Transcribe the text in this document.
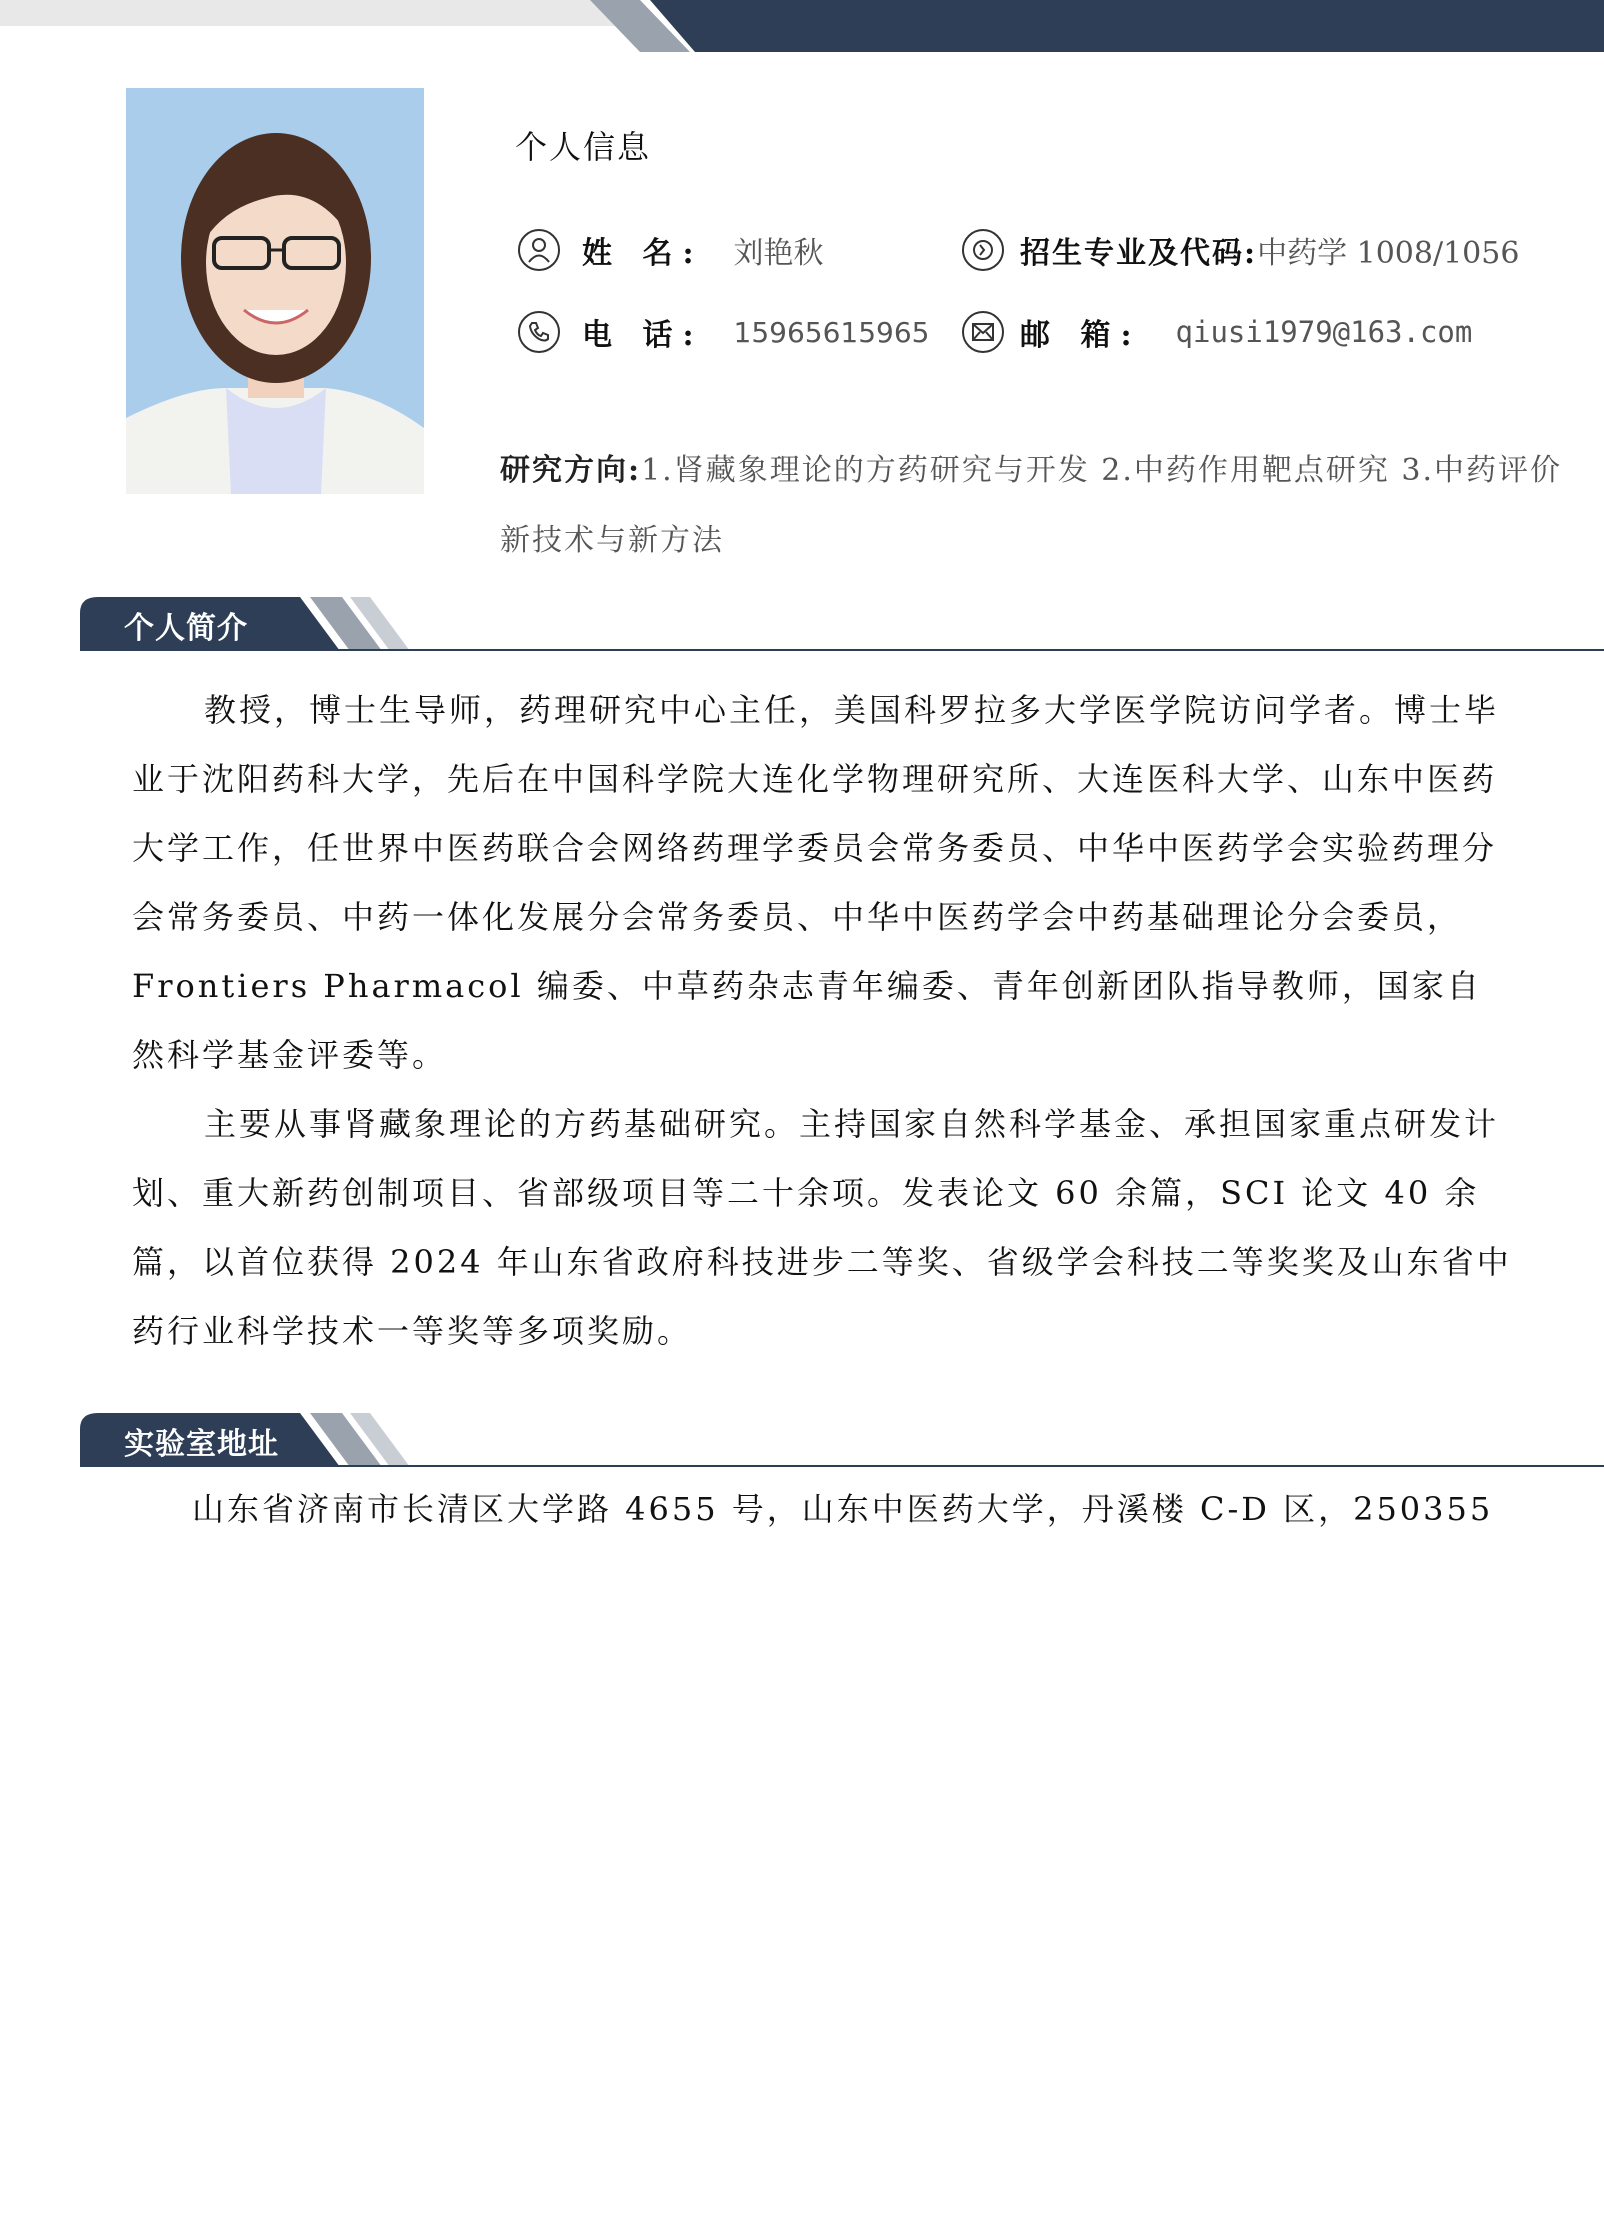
个人信息
姓 名: 刘艳秋	招生专业及代码: 中药学 1008/1056
电 话: 15965615965	邮 箱: qiusi1979@163.com
研究方向:1.肾藏象理论的方药研究与开发 2.中药作用靶点研究 3.中药评价新技术与新方法
个人简介

教授，博士生导师，药理研究中心主任，美国科罗拉多大学医学院访问学者。博士毕业于沈阳药科大学，先后在中国科学院大连化学物理研究所、大连医科大学、山东中医药大学工作，任世界中医药联合会网络药理学委员会常务委员、中华中医药学会实验药理分会常务委员、中药一体化发展分会常务委员、中华中医药学会中药基础理论分会委员，Frontiers Pharmacol 编委、中草药杂志青年编委、青年创新团队指导教师，国家自然科学基金评委等。

主要从事肾藏象理论的方药基础研究。主持国家自然科学基金、承担国家重点研发计划、重大新药创制项目、省部级项目等二十余项。发表论文 60 余篇，SCI 论文 40 余篇，以首位获得 2024 年山东省政府科技进步二等奖、省级学会科技二等奖奖及山东省中药行业科学技术一等奖等多项奖励。

实验室地址
山东省济南市长清区大学路 4655 号，山东中医药大学，丹溪楼 C-D 区，250355
